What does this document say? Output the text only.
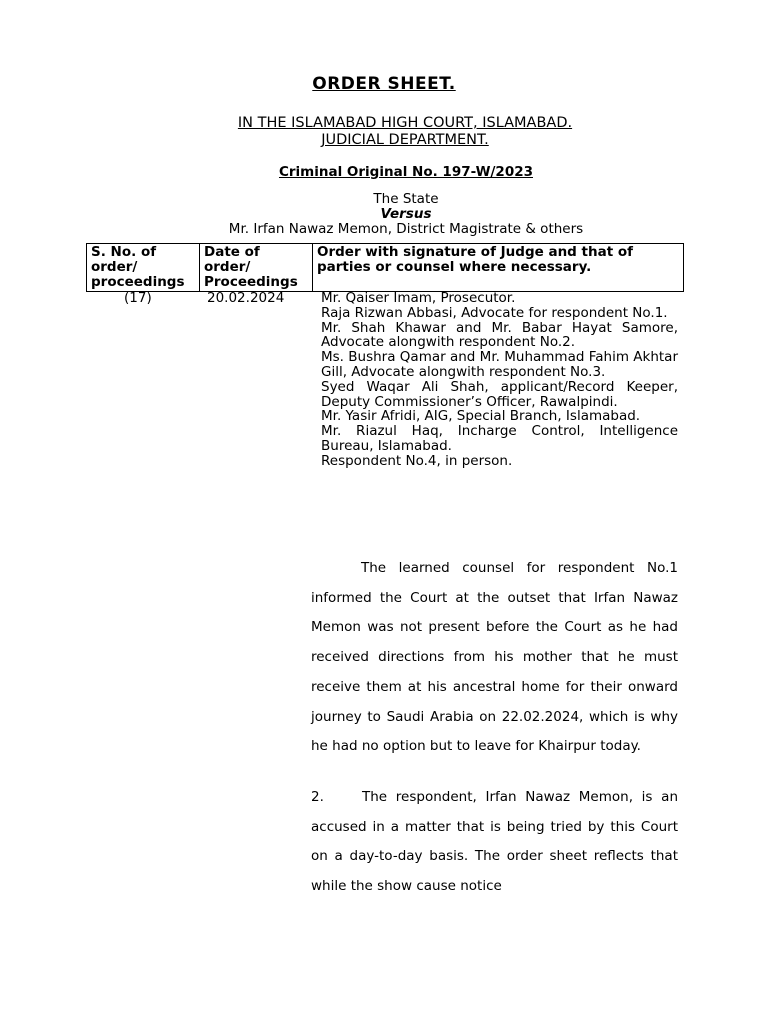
ORDER SHEET.
IN THE ISLAMABAD HIGH COURT, ISLAMABAD.
JUDICIAL DEPARTMENT.
Criminal Original No. 197-W/2023
The State
Versus
Mr. Irfan Nawaz Memon, District Magistrate & others
S. No. of order/ proceedings	Date of order/ Proceedings	Order with signature of Judge and that of parties or counsel where necessary.
(17)	20.02.2024	Mr. Qaiser Imam, Prosecutor.
Raja Rizwan Abbasi, Advocate for respondent No.1.
Mr. Shah Khawar and Mr. Babar Hayat Samore, Advocate alongwith respondent No.2.
Ms. Bushra Qamar and Mr. Muhammad Fahim Akhtar Gill, Advocate alongwith respondent No.3.
Syed Waqar Ali Shah, applicant/Record Keeper, Deputy Commissioner’s Officer, Rawalpindi.
Mr. Yasir Afridi, AIG, Special Branch, Islamabad.
Mr. Riazul Haq, Incharge Control, Intelligence Bureau, Islamabad.
Respondent No.4, in person.

The learned counsel for respondent No.1 informed the Court at the outset that Irfan Nawaz Memon was not present before the Court as he had received directions from his mother that he must receive them at his ancestral home for their onward journey to Saudi Arabia on 22.02.2024, which is why he had no option but to leave for Khairpur today.

2.	The respondent, Irfan Nawaz Memon, is an accused in a matter that is being tried by this Court on a day-to-day basis. The order sheet reflects that while the show cause notice
